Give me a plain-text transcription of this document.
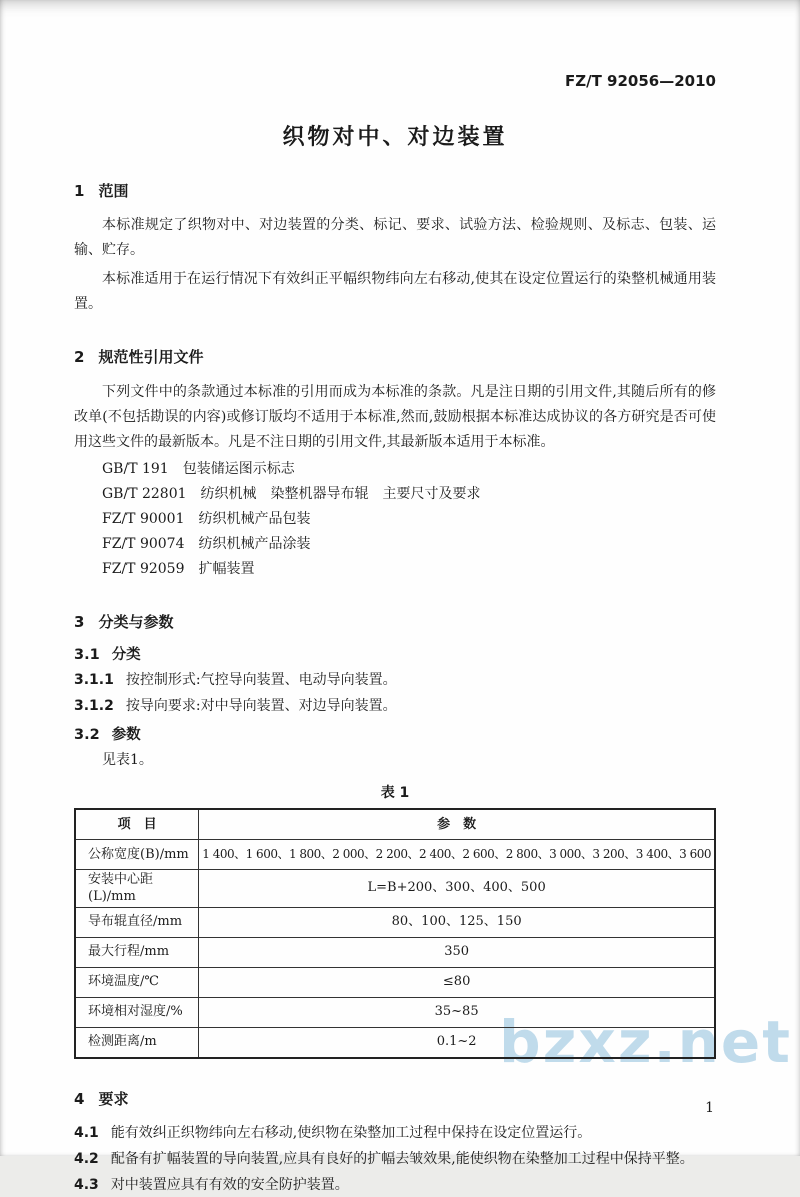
bzxz.net
FZ/T 92056—2010
织物对中、对边装置
1 范围

本标准规定了织物对中、对边装置的分类、标记、要求、试验方法、检验规则、及标志、包装、运输、贮存。

本标准适用于在运行情况下有效纠正平幅织物纬向左右移动,使其在设定位置运行的染整机械通用装置。

2 规范性引用文件

下列文件中的条款通过本标准的引用而成为本标准的条款。凡是注日期的引用文件,其随后所有的修改单(不包括勘误的内容)或修订版均不适用于本标准,然而,鼓励根据本标准达成协议的各方研究是否可使用这些文件的最新版本。凡是不注日期的引用文件,其最新版本适用于本标准。

GB/T 191　包装储运图示标志

GB/T 22801　纺织机械　染整机器导布辊　主要尺寸及要求

FZ/T 90001　纺织机械产品包装

FZ/T 90074　纺织机械产品涂装

FZ/T 92059　扩幅装置

3 分类与参数
3.1 分类

3.1.1 按控制形式:气控导向装置、电动导向装置。

3.1.2 按导向要求:对中导向装置、对边导向装置。

3.2 参数

见表1。

表 1
项　目	参　数
公称宽度(B)/mm	1 400、1 600、1 800、2 000、2 200、2 400、2 600、2 800、3 000、3 200、3 400、3 600
安装中心距(L)/mm	L=B+200、300、400、500
导布辊直径/mm	80、100、125、150
最大行程/mm	350
环境温度/℃	≤80
环境相对湿度/%	35~85
检测距离/m	0.1~2
4 要求

4.1 能有效纠正织物纬向左右移动,使织物在染整加工过程中保持在设定位置运行。

4.2 配备有扩幅装置的导向装置,应具有良好的扩幅去皱效果,能使织物在染整加工过程中保持平整。

4.3 对中装置应具有有效的安全防护装置。

1
